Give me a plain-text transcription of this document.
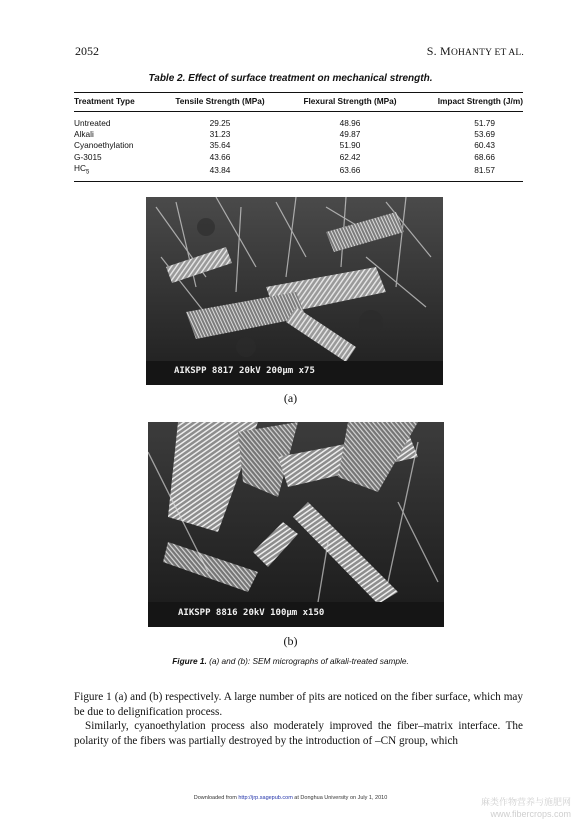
2052	S. MOHANTY ET AL.
Table 2. Effect of surface treatment on mechanical strength.
Treatment Type	Tensile Strength (MPa)	Flexural Strength (MPa)	Impact Strength (J/m)
Untreated	29.25	48.96	51.79
Alkali	31.23	49.87	53.69
Cyanoethylation	35.64	51.90	60.43
G-3015	43.66	62.42	68.66
$HC_5$	43.84	63.66	81.57
AIKSPP 8817 20kV 200µm x75
(a)
AIKSPP 8816 20kV 100µm x150
(b)
Figure 1. (a) and (b): SEM micrographs of alkali-treated sample.

Figure 1 (a) and (b) respectively. A large number of pits are noticed on the fiber surface, which may be due to delignification process.

Similarly, cyanoethylation process also moderately improved the fiber–matrix interface. The polarity of the fibers was partially destroyed by the introduction of –CN group, which

Downloaded from http://jrp.sagepub.com at Donghua University on July 1, 2010	麻类作物营养与施肥网
www.fibercrops.com
